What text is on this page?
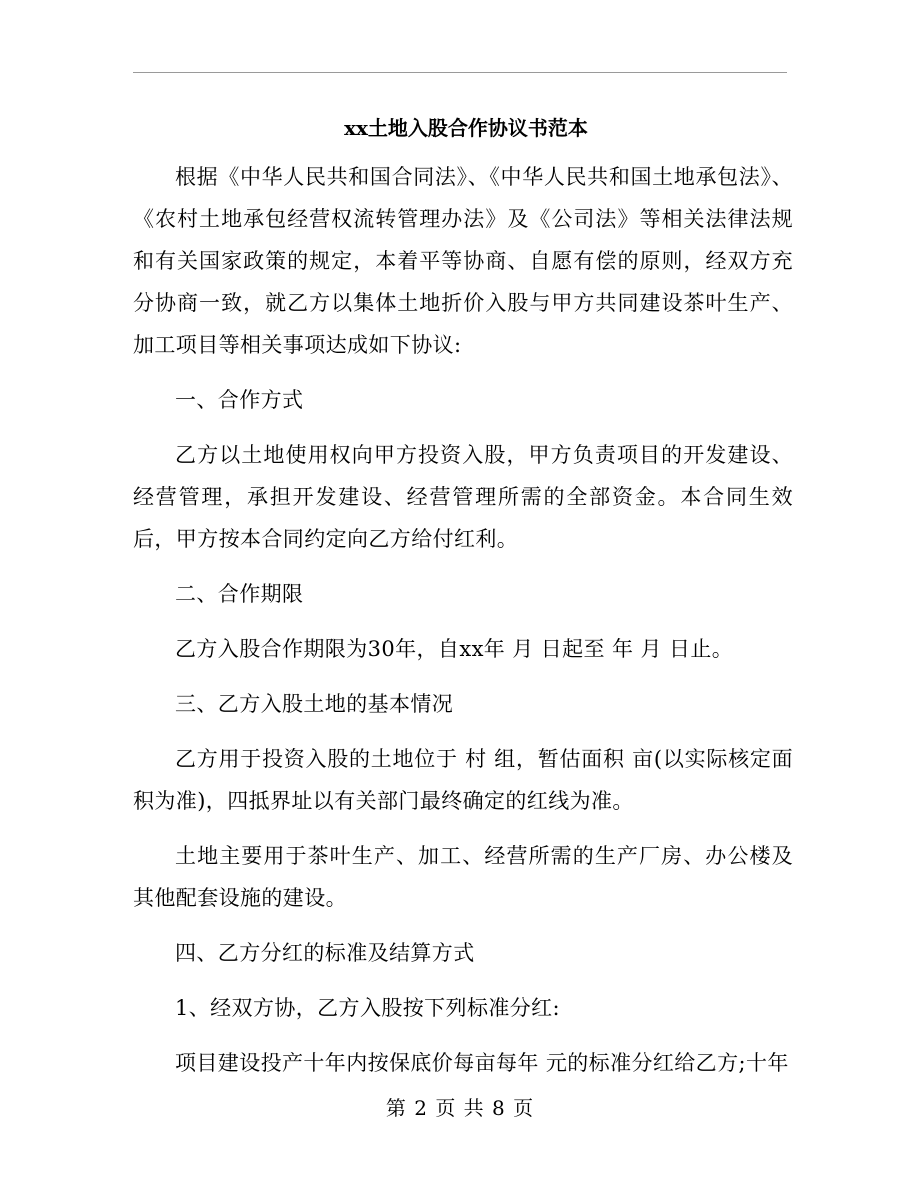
xx土地入股合作协议书范本

根据《中华人民共和国合同法》、《中华人民共和国土地承包法》、《农村土地承包经营权流转管理办法》及《公司法》等相关法律法规和有关国家政策的规定，本着平等协商、自愿有偿的原则，经双方充分协商一致，就乙方以集体土地折价入股与甲方共同建设茶叶生产、加工项目等相关事项达成如下协议:

一、合作方式

乙方以土地使用权向甲方投资入股，甲方负责项目的开发建设、经营管理，承担开发建设、经营管理所需的全部资金。本合同生效后，甲方按本合同约定向乙方给付红利。

二、合作期限

乙方入股合作期限为30年，自xx年 月 日起至 年 月 日止。

三、乙方入股土地的基本情况

乙方用于投资入股的土地位于 村 组，暂估面积 亩(以实际核定面积为准)，四抵界址以有关部门最终确定的红线为准。

土地主要用于茶叶生产、加工、经营所需的生产厂房、办公楼及其他配套设施的建设。

四、乙方分红的标准及结算方式

1、经双方协，乙方入股按下列标准分红:

项目建设投产十年内按保底价每亩每年 元的标准分红给乙方;十年

第 2 页 共 8 页
